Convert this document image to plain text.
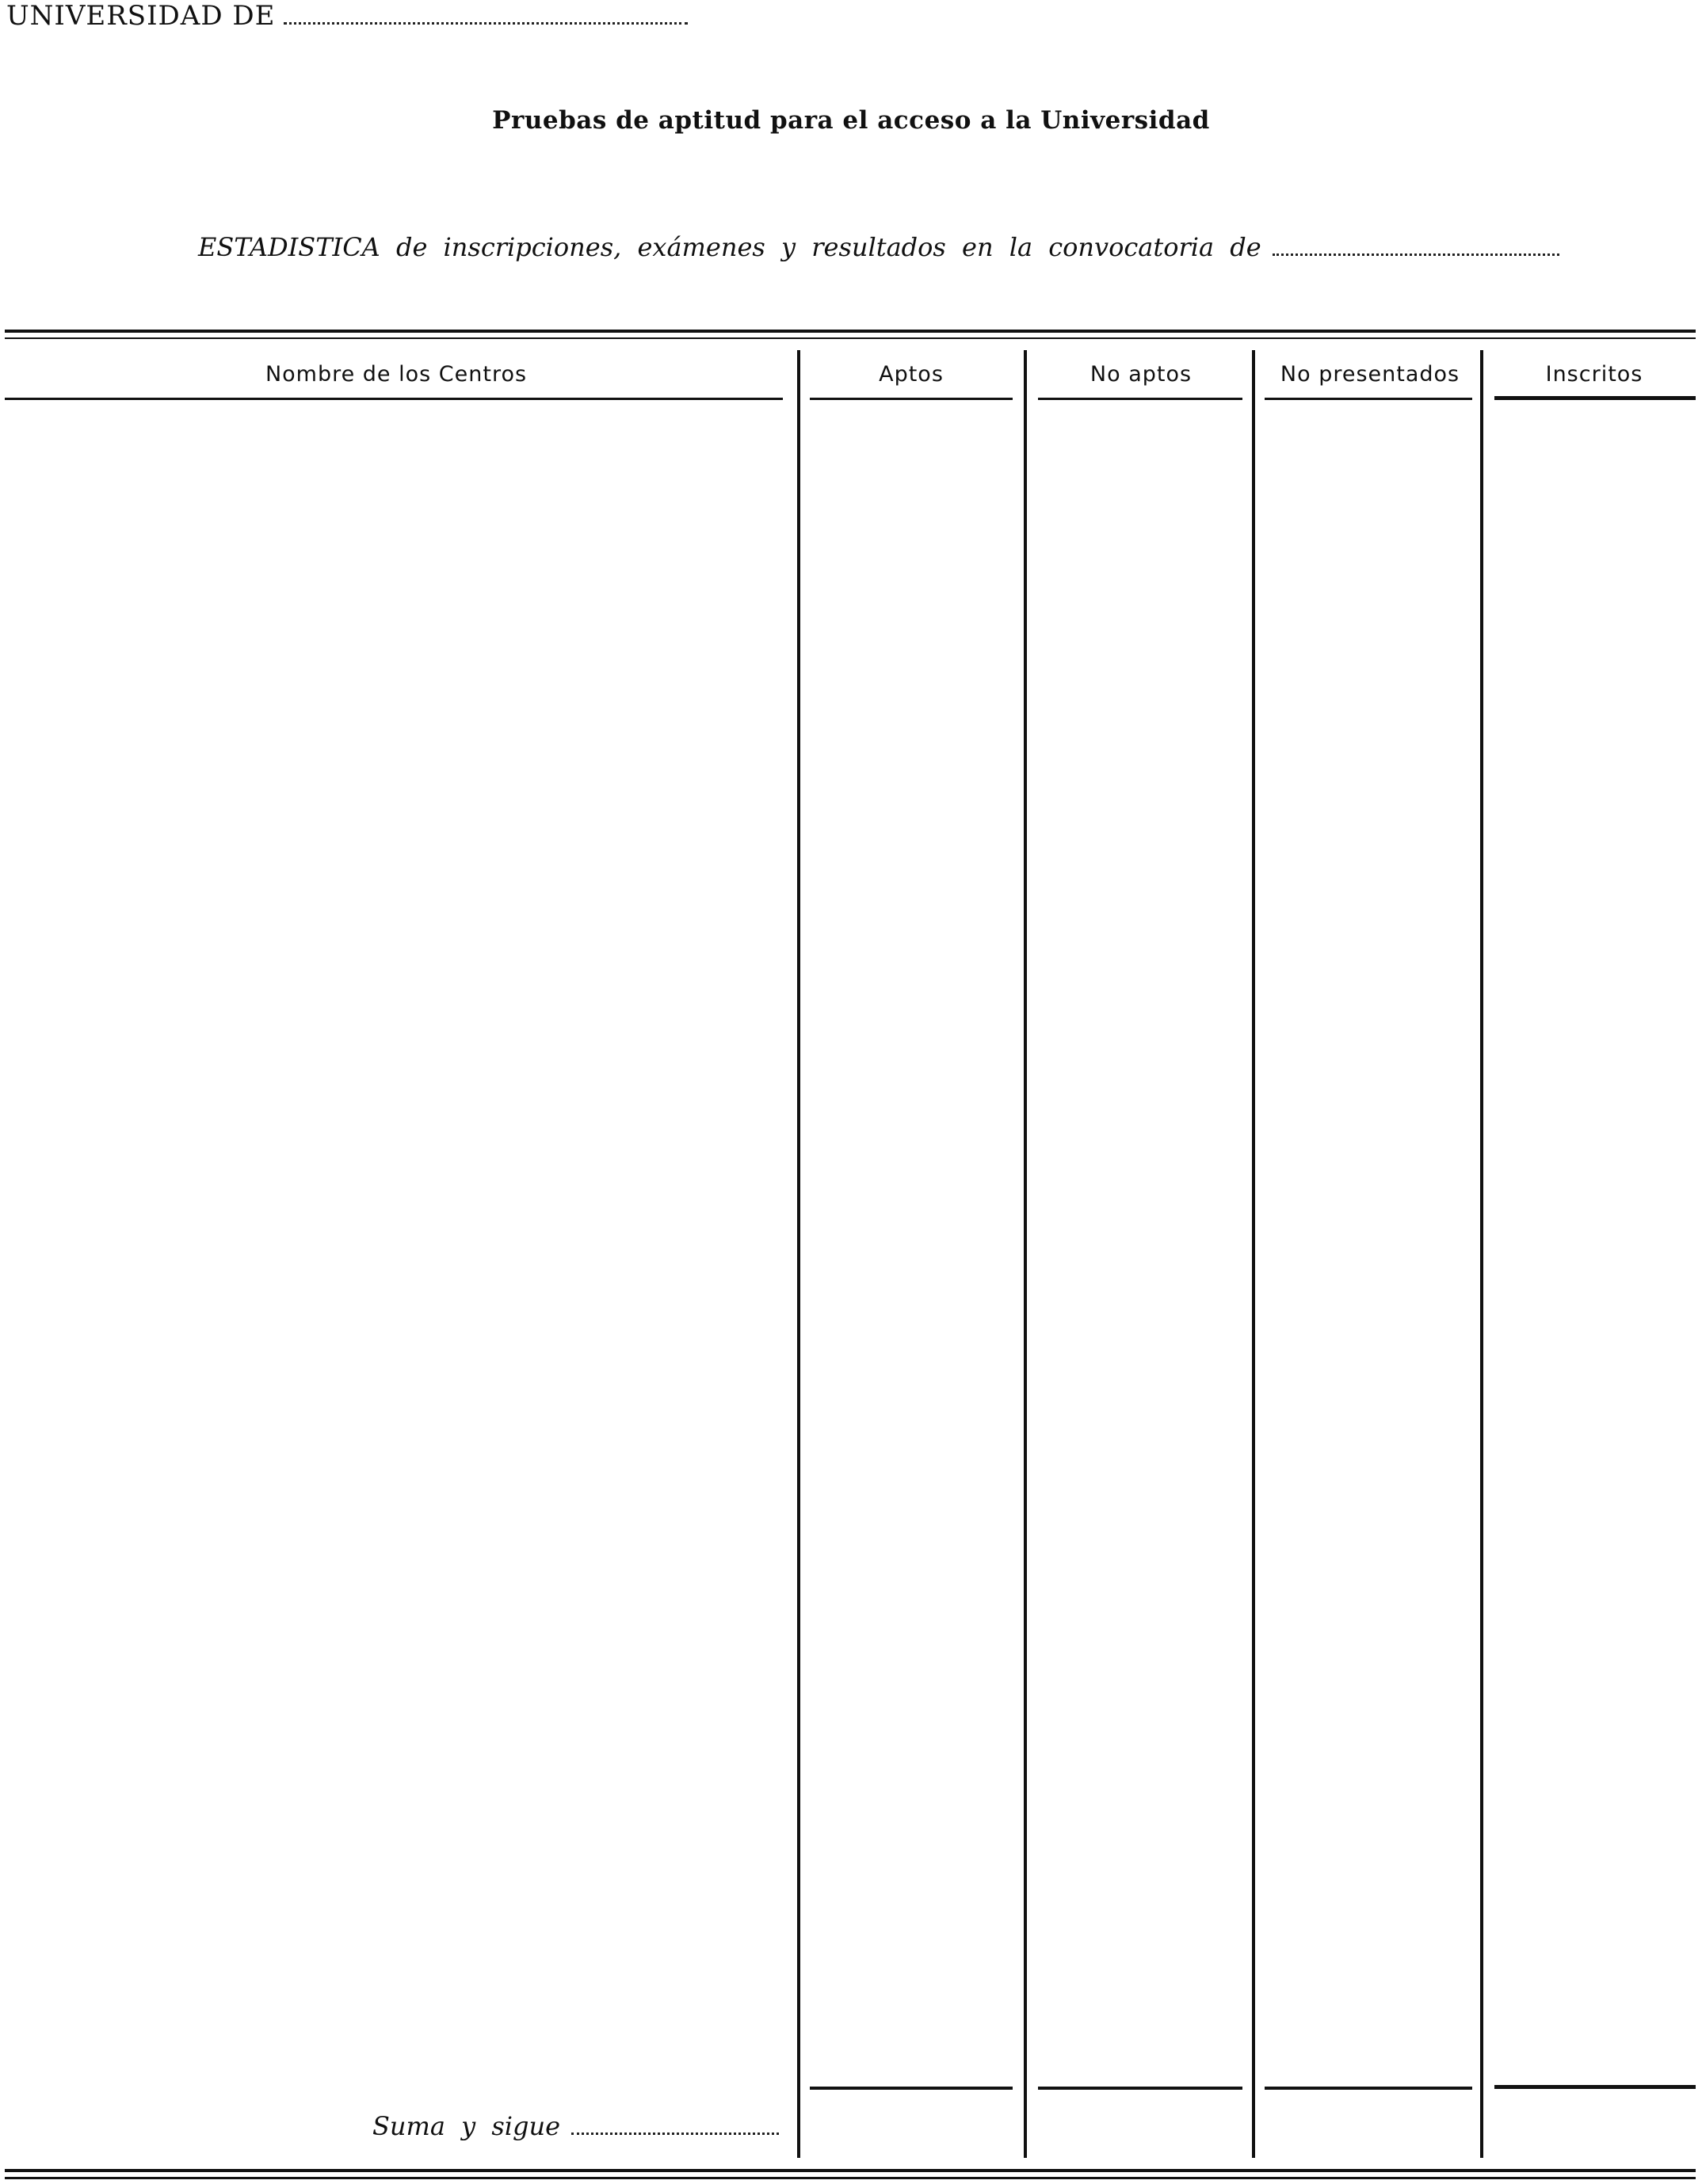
UNIVERSIDAD DE
Pruebas de aptitud para el acceso a la Universidad
ESTADISTICA de inscripciones, exámenes y resultados en la convocatoria de
Nombre de los Centros	Aptos	No aptos	No presentados	Inscritos
Suma y sigue
